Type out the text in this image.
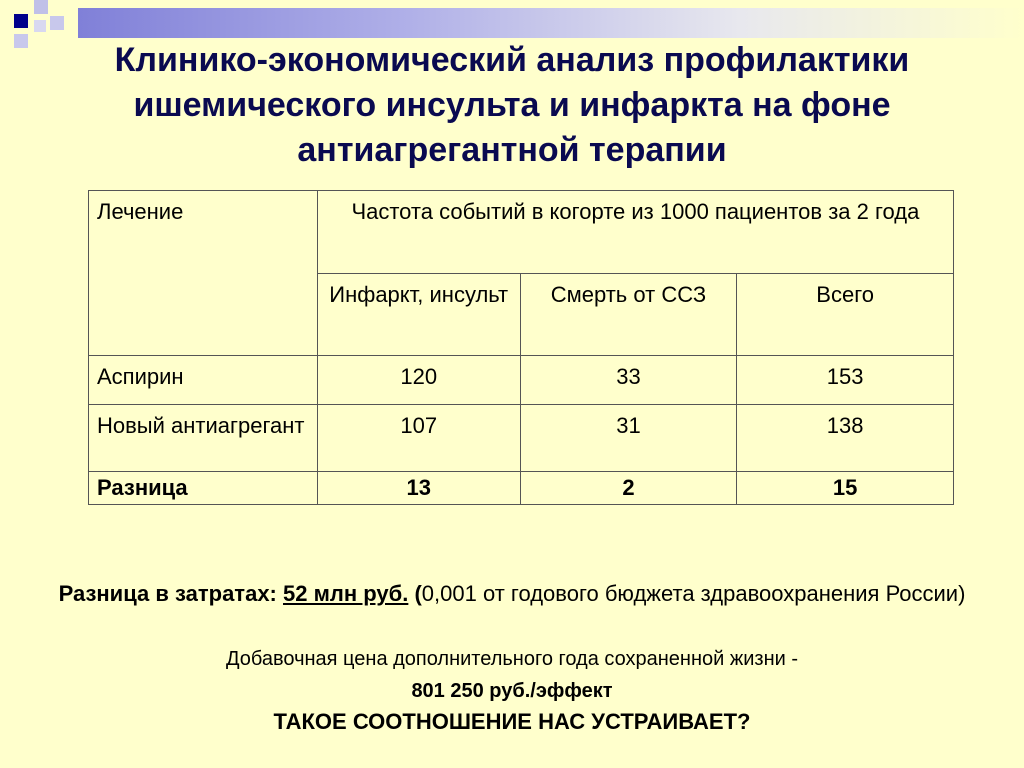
Клинико-экономический анализ профилактики
ишемического инсульта и инфаркта на фоне
антиагрегантной терапии
Лечение	Частота событий в когорте из 1000 пациентов за 2 года		
	Инфаркт, инсульт	Смерть от ССЗ	Всего
Аспирин	120	33	153
Новый антиагрегант	107	31	138
Разница	13	2	15
Разница в затратах: 52 млн руб. (0,001 от годового бюджета здравоохранения России)
Добавочная цена дополнительного года сохраненной жизни -
801 250 руб./эффект
ТАКОЕ СООТНОШЕНИЕ НАС УСТРАИВАЕТ?
